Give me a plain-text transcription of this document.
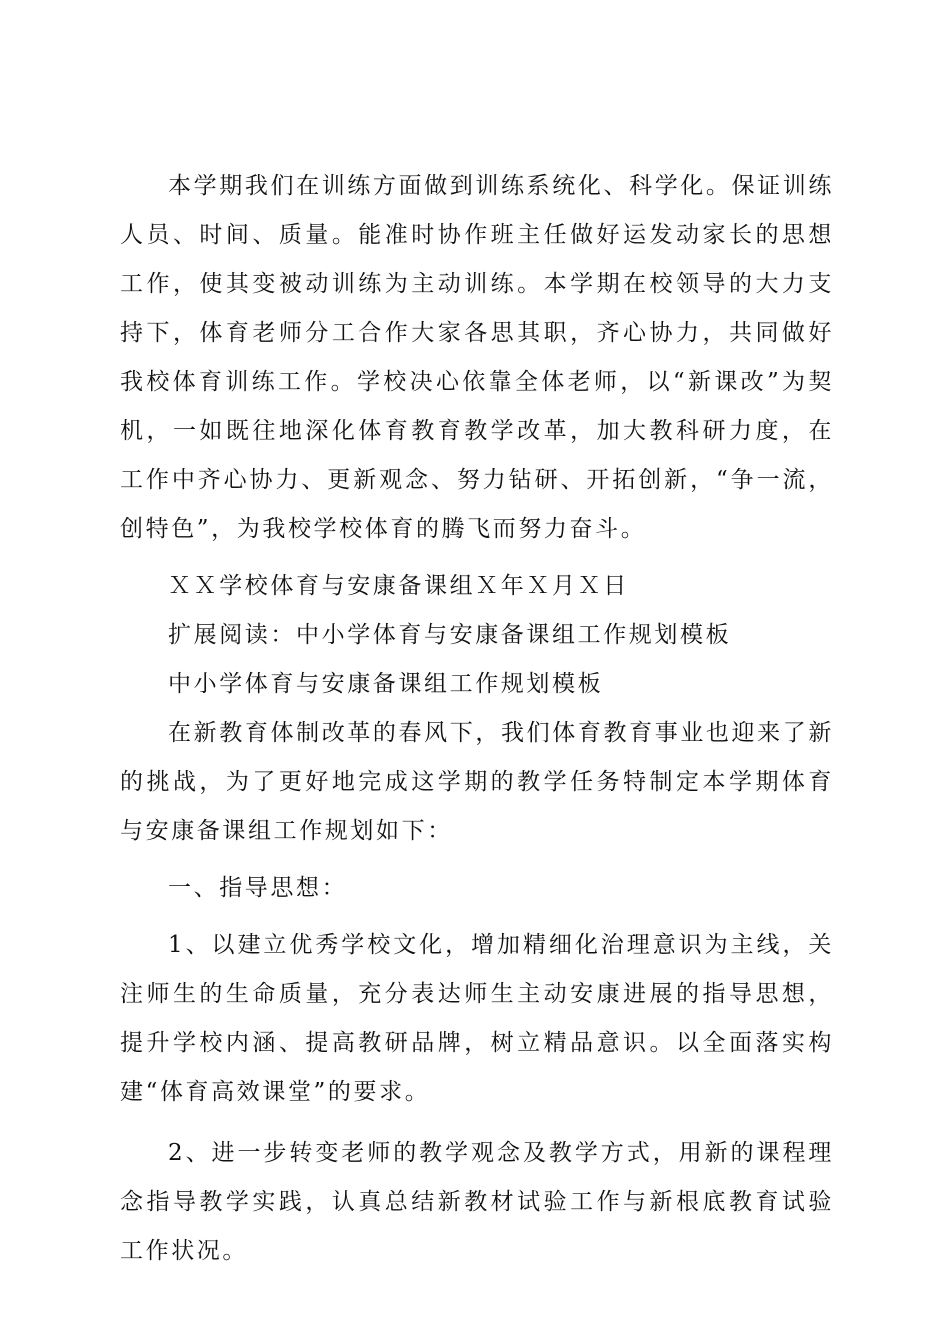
本学期我们在训练方面做到训练系统化、科学化。保证训练人员、时间、质量。能准时协作班主任做好运发动家长的思想工作，使其变被动训练为主动训练。本学期在校领导的大力支持下，体育老师分工合作大家各思其职，齐心协力，共同做好我校体育训练工作。学校决心依靠全体老师，以“新课改”为契机，一如既往地深化体育教育教学改革，加大教科研力度，在工作中齐心协力、更新观念、努力钻研、开拓创新，“争一流，创特色”，为我校学校体育的腾飞而努力奋斗。

ＸＸ学校体育与安康备课组Ｘ年Ｘ月Ｘ日

扩展阅读：中小学体育与安康备课组工作规划模板

中小学体育与安康备课组工作规划模板

在新教育体制改革的春风下，我们体育教育事业也迎来了新的挑战，为了更好地完成这学期的教学任务特制定本学期体育与安康备课组工作规划如下：

一、指导思想：

1、以建立优秀学校文化，增加精细化治理意识为主线，关注师生的生命质量，充分表达师生主动安康进展的指导思想，提升学校内涵、提高教研品牌，树立精品意识。以全面落实构建“体育高效课堂”的要求。

2、进一步转变老师的教学观念及教学方式，用新的课程理念指导教学实践，认真总结新教材试验工作与新根底教育试验工作状况。
